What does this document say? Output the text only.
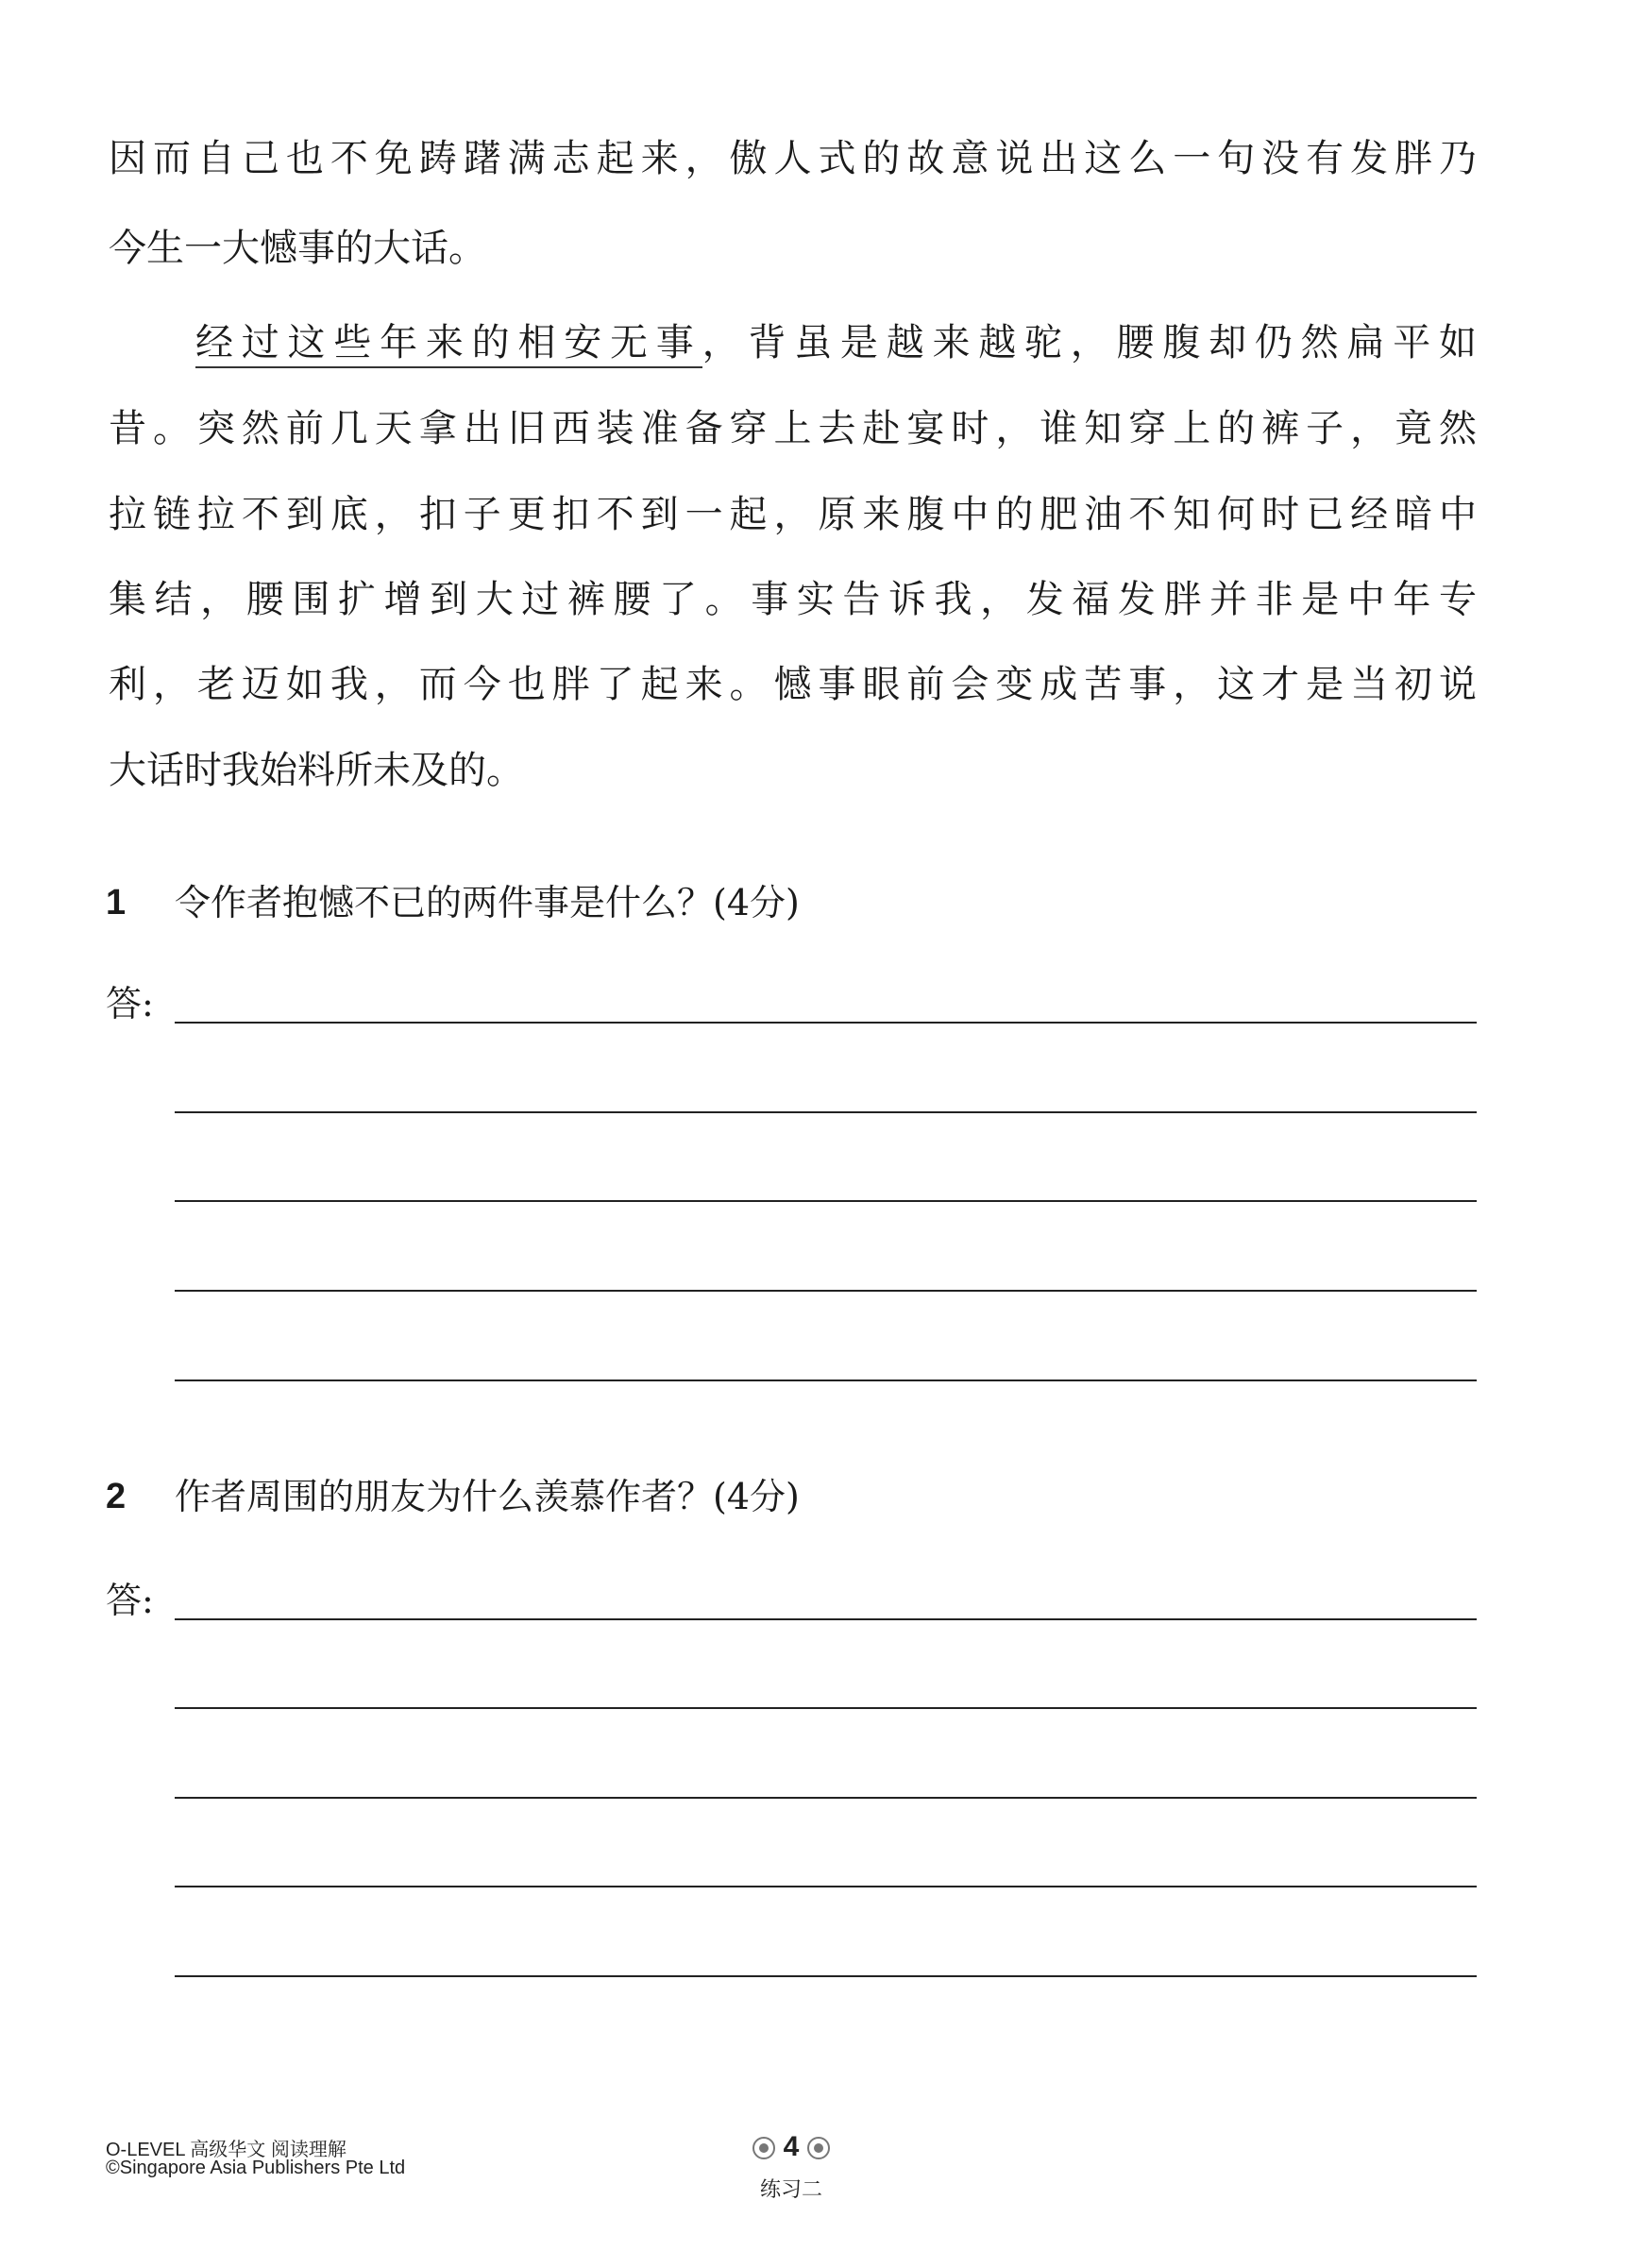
因而自己也不免踌躇满志起来，傲人式的故意说出这么一句没有发胖乃
今生一大憾事的大话。
经过这些年来的相安无事，背虽是越来越驼，腰腹却仍然扁平如
昔。突然前几天拿出旧西装准备穿上去赴宴时，谁知穿上的裤子，竟然
拉链拉不到底，扣子更扣不到一起，原来腹中的肥油不知何时已经暗中
集结，腰围扩增到大过裤腰了。事实告诉我，发福发胖并非是中年专
利，老迈如我，而今也胖了起来。憾事眼前会变成苦事，这才是当初说
大话时我始料所未及的。
1 令作者抱憾不已的两件事是什么？(4分)
答:
2 作者周围的朋友为什么羡慕作者？(4分)
答:
O-LEVEL 高级华文 阅读理解
©Singapore Asia Publishers Pte Ltd
4
练习二
